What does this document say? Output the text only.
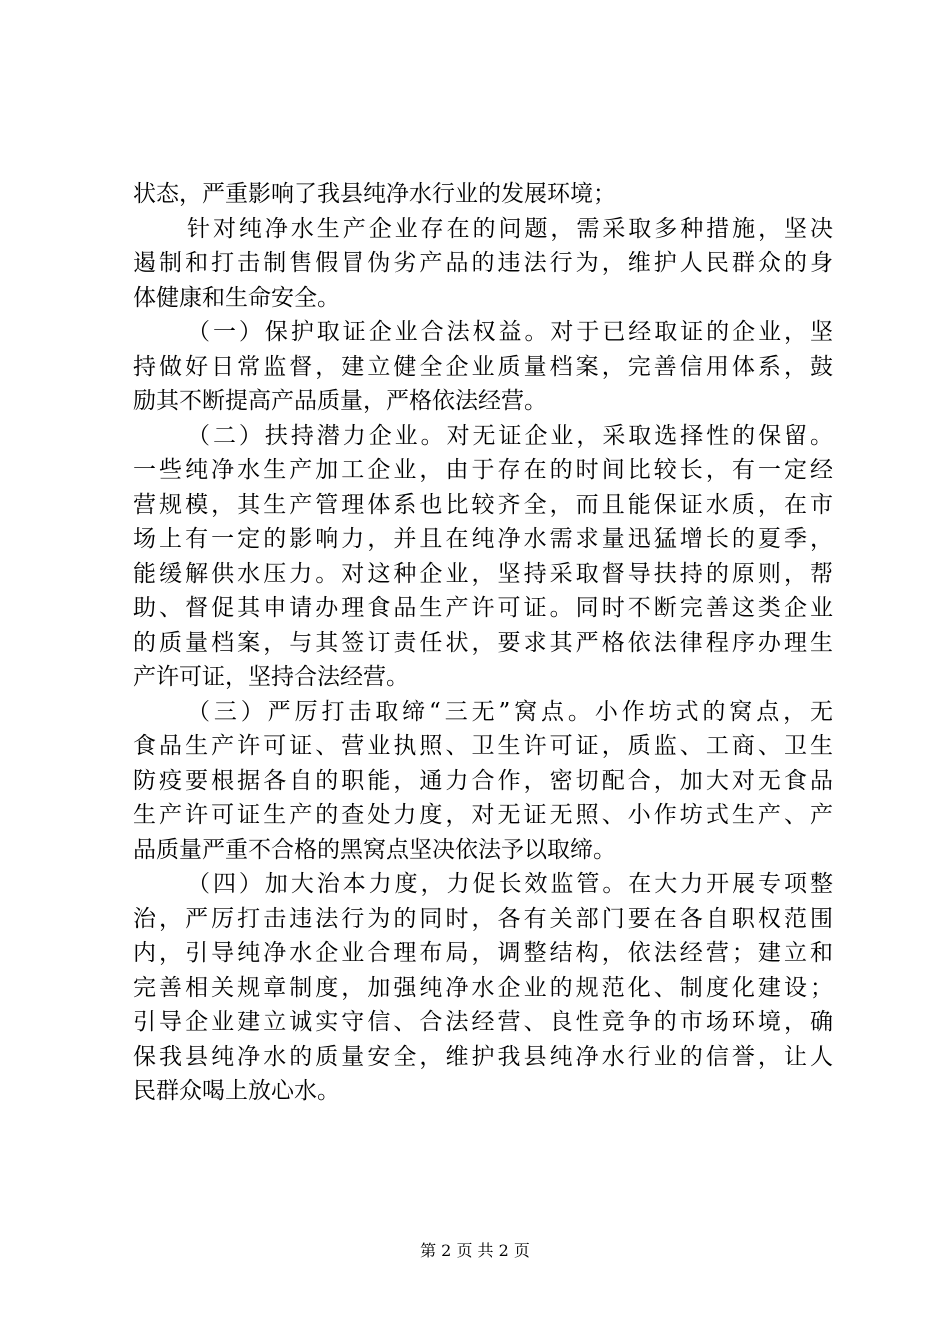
状态，严重影响了我县纯净水行业的发展环境；
针对纯净水生产企业存在的问题，需采取多种措施，坚决
遏制和打击制售假冒伪劣产品的违法行为，维护人民群众的身
体健康和生命安全。
（一）保护取证企业合法权益。对于已经取证的企业，坚
持做好日常监督，建立健全企业质量档案，完善信用体系，鼓
励其不断提高产品质量，严格依法经营。
（二）扶持潜力企业。对无证企业，采取选择性的保留。
一些纯净水生产加工企业，由于存在的时间比较长，有一定经
营规模，其生产管理体系也比较齐全，而且能保证水质，在市
场上有一定的影响力，并且在纯净水需求量迅猛增长的夏季，
能缓解供水压力。对这种企业，坚持采取督导扶持的原则，帮
助、督促其申请办理食品生产许可证。同时不断完善这类企业
的质量档案，与其签订责任状，要求其严格依法律程序办理生
产许可证，坚持合法经营。
（三）严厉打击取缔“三无”窝点。小作坊式的窝点，无
食品生产许可证、营业执照、卫生许可证，质监、工商、卫生
防疫要根据各自的职能，通力合作，密切配合，加大对无食品
生产许可证生产的查处力度，对无证无照、小作坊式生产、产
品质量严重不合格的黑窝点坚决依法予以取缔。
（四）加大治本力度，力促长效监管。在大力开展专项整
治，严厉打击违法行为的同时，各有关部门要在各自职权范围
内，引导纯净水企业合理布局，调整结构，依法经营；建立和
完善相关规章制度，加强纯净水企业的规范化、制度化建设；
引导企业建立诚实守信、合法经营、良性竞争的市场环境，确
保我县纯净水的质量安全，维护我县纯净水行业的信誉，让人
民群众喝上放心水。
第 2 页 共 2 页
